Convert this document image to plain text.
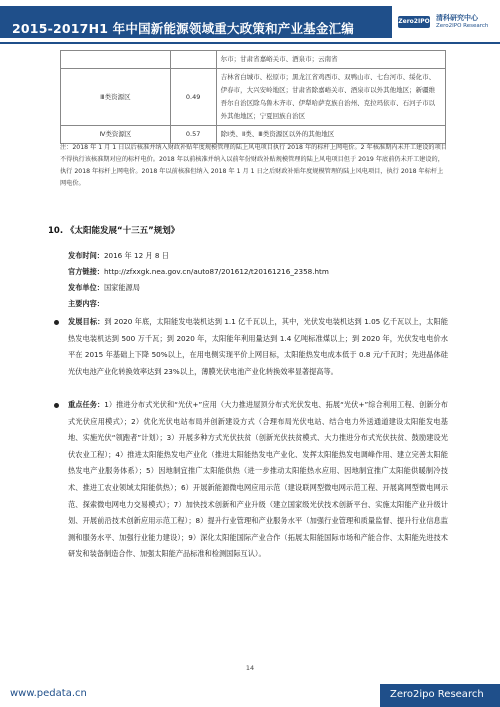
2015-2017H1 年中国新能源领域重大政策和产业基金汇编	Zero2IPO 清科研究中心
Zero2IPO Research
		尔市；甘肃省嘉峪关市、酒泉市；云南省
Ⅲ类资源区	0.49	吉林省白城市、松原市；黑龙江省鸡西市、双鸭山市、七台河市、绥化市、伊春市，大兴安岭地区；甘肃省除嘉峪关市、酒泉市以外其他地区；新疆维吾尔自治区除乌鲁木齐市、伊犁哈萨克族自治州、克拉玛依市、石河子市以外其他地区；宁夏回族自治区
Ⅳ类资源区	0.57	除Ⅰ类、Ⅱ类、Ⅲ类资源区以外的其他地区
注：2018 年 1 月 1 日以后核准并纳入财政补贴年度规模管理的陆上风电项目执行 2018 年的标杆上网电价。2 年核准期内未开工建设的项目不得执行该核准期对应的标杆电价。2018 年以前核准并纳入以前年份财政补贴规模管理的陆上风电项目但于 2019 年底前仍未开工建设的，执行 2018 年标杆上网电价。2018 年以前核准但纳入 2018 年 1 月 1 日之后财政补贴年度规模管理的陆上风电项目，执行 2018 年标杆上网电价。
10. 《太阳能发展“十三五”规划》
发布时间：2016 年 12 月 8 日
官方链接：http://zfxxgk.nea.gov.cn/auto87/201612/t20161216_2358.htm
发布单位：国家能源局
主要内容：
发展目标：到 2020 年底，太阳能发电装机达到 1.1 亿千瓦以上，其中，光伏发电装机达到 1.05 亿千瓦以上，太阳能热发电装机达到 500 万千瓦；到 2020 年，太阳能年利用量达到 1.4 亿吨标准煤以上；到 2020 年，光伏发电电价水平在 2015 年基础上下降 50%以上，在用电侧实现平价上网目标，太阳能热发电成本低于 0.8 元/千瓦时；先进晶体硅光伏电池产业化转换效率达到 23%以上，薄膜光伏电池产业化转换效率显著提高等。
重点任务：1）推进分布式光伏和“光伏+”应用（大力推进屋顶分布式光伏发电、拓展“光伏+”综合利用工程、创新分布式光伏应用模式）；2）优化光伏电站布局并创新建设方式（合理布局光伏电站、结合电力外送通道建设太阳能发电基地、实施光伏“领跑者”计划）；3）开展多种方式光伏扶贫（创新光伏扶贫模式、大力推进分布式光伏扶贫、鼓励建设光伏农业工程）；4）推进太阳能热发电产业化（推进太阳能热发电产业化、发挥太阳能热发电调峰作用、建立完善太阳能热发电产业服务体系）；5）因地制宜推广太阳能供热（进一步推动太阳能热水应用、因地制宜推广太阳能供暖制冷技术、推进工农业领域太阳能供热）；6）开展新能源微电网应用示范（建设联网型微电网示范工程、开展离网型微电网示范、探索微电网电力交易模式）；7）加快技术创新和产业升级（建立国家级光伏技术创新平台、实施太阳能产业升级计划、开展前沿技术创新应用示范工程）；8）提升行业管理和产业服务水平（加强行业管理和质量监督、提升行业信息监测和服务水平、加强行业能力建设）；9）深化太阳能国际产业合作（拓展太阳能国际市场和产能合作、太阳能先进技术研发和装备制造合作、加强太阳能产品标准和检测国际互认）。
14
www.pedata.cn	Zero2ipo Research
